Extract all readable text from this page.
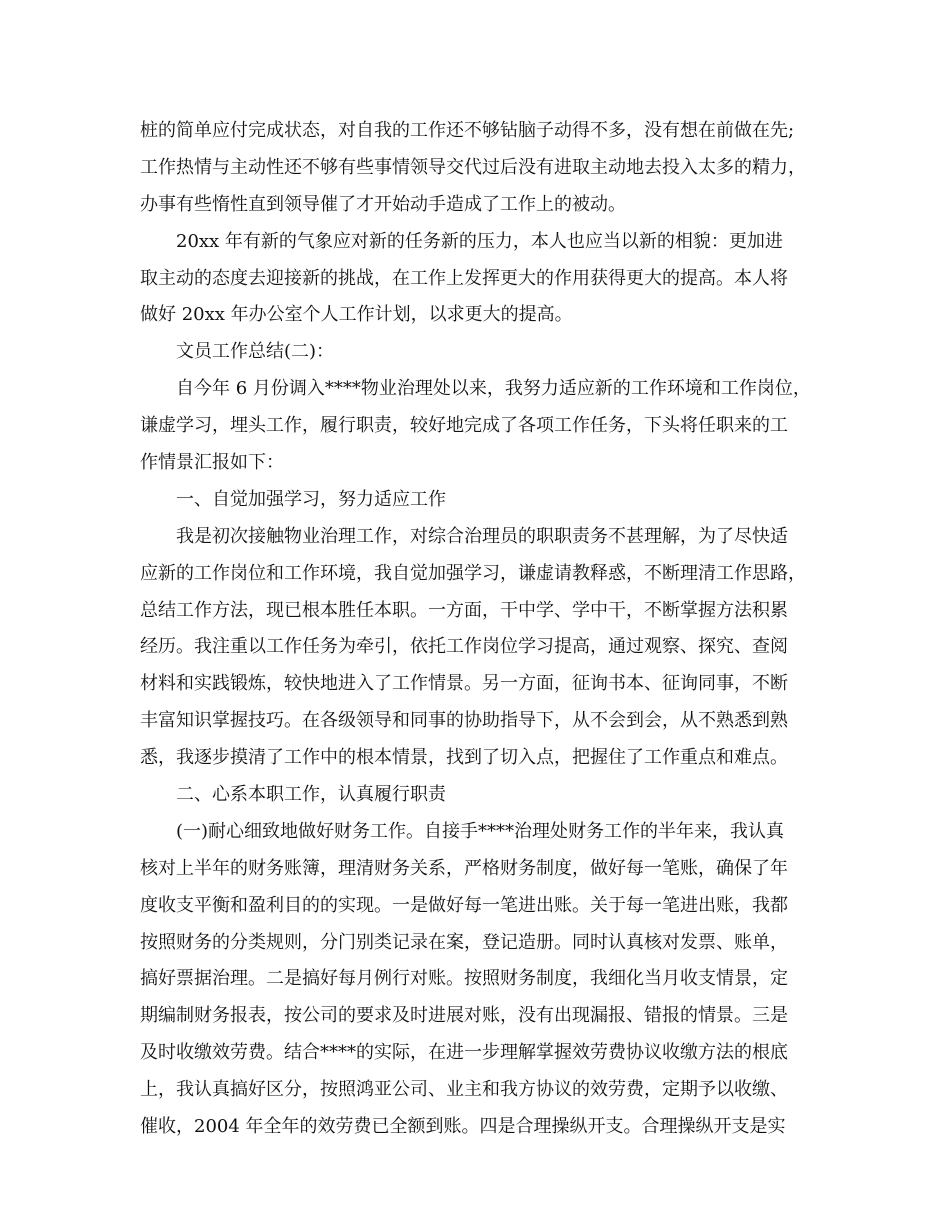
桩的简单应付完成状态，对自我的工作还不够钻脑子动得不多，没有想在前做在先;
工作热情与主动性还不够有些事情领导交代过后没有进取主动地去投入太多的精力，
办事有些惰性直到领导催了才开始动手造成了工作上的被动。
20xx 年有新的气象应对新的任务新的压力，本人也应当以新的相貌：更加进
取主动的态度去迎接新的挑战，在工作上发挥更大的作用获得更大的提高。本人将
做好 20xx 年办公室个人工作计划，以求更大的提高。
文员工作总结(二)：
自今年 6 月份调入****物业治理处以来，我努力适应新的工作环境和工作岗位，
谦虚学习，埋头工作，履行职责，较好地完成了各项工作任务，下头将任职来的工
作情景汇报如下：
一、自觉加强学习，努力适应工作
我是初次接触物业治理工作，对综合治理员的职职责务不甚理解，为了尽快适
应新的工作岗位和工作环境，我自觉加强学习，谦虚请教释惑，不断理清工作思路，
总结工作方法，现已根本胜任本职。一方面，干中学、学中干，不断掌握方法积累
经历。我注重以工作任务为牵引，依托工作岗位学习提高，通过观察、探究、查阅
材料和实践锻炼，较快地进入了工作情景。另一方面，征询书本、征询同事，不断
丰富知识掌握技巧。在各级领导和同事的协助指导下，从不会到会，从不熟悉到熟
悉，我逐步摸清了工作中的根本情景，找到了切入点，把握住了工作重点和难点。
二、心系本职工作，认真履行职责
(一)耐心细致地做好财务工作。自接手****治理处财务工作的半年来，我认真
核对上半年的财务账簿，理清财务关系，严格财务制度，做好每一笔账，确保了年
度收支平衡和盈利目的的实现。一是做好每一笔进出账。关于每一笔进出账，我都
按照财务的分类规则，分门别类记录在案，登记造册。同时认真核对发票、账单，
搞好票据治理。二是搞好每月例行对账。按照财务制度，我细化当月收支情景，定
期编制财务报表，按公司的要求及时进展对账，没有出现漏报、错报的情景。三是
及时收缴效劳费。结合****的实际，在进一步理解掌握效劳费协议收缴方法的根底
上，我认真搞好区分，按照鸿亚公司、业主和我方协议的效劳费，定期予以收缴、
催收，2004 年全年的效劳费已全额到账。四是合理操纵开支。合理操纵开支是实
